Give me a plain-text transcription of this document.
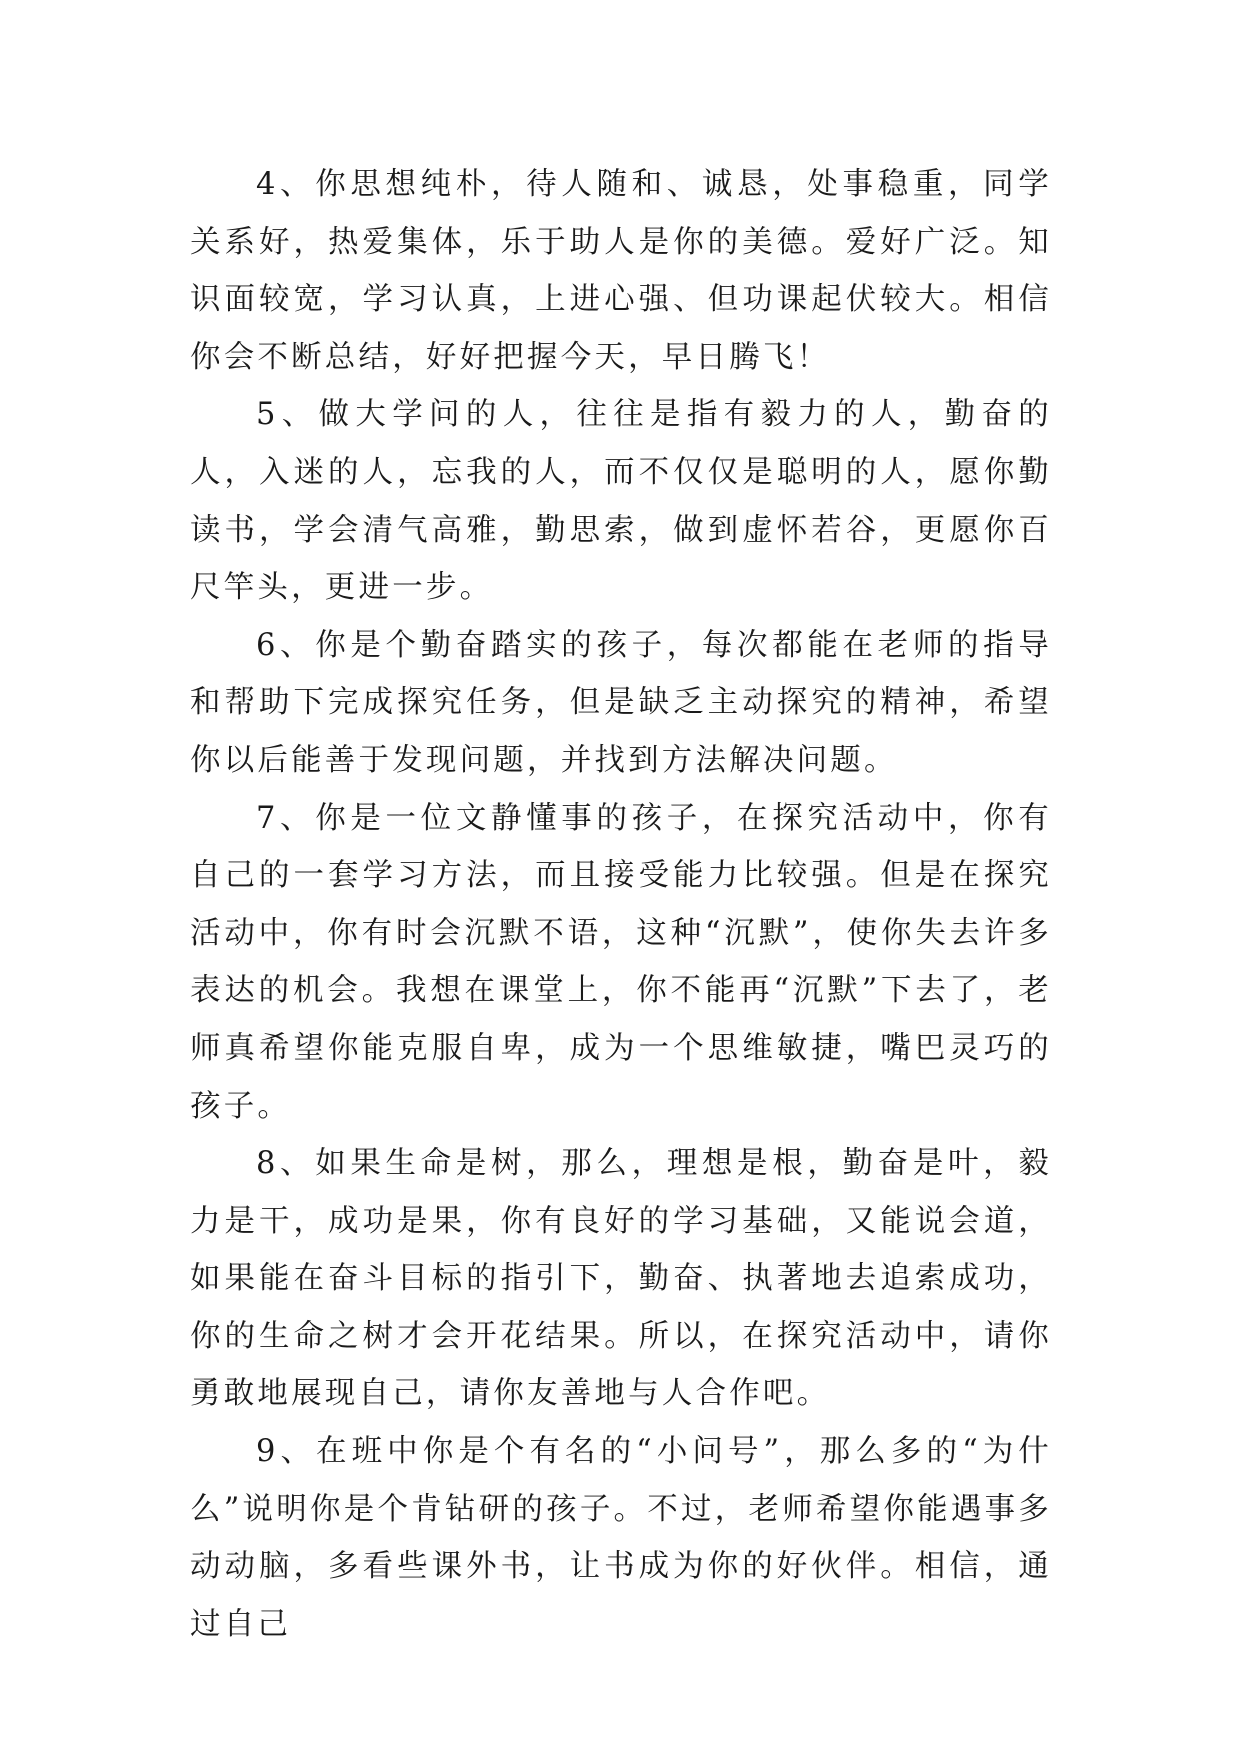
4、你思想纯朴，待人随和、诚恳，处事稳重，同学关系好，热爱集体，乐于助人是你的美德。爱好广泛。知识面较宽，学习认真，上进心强、但功课起伏较大。相信你会不断总结，好好把握今天，早日腾飞！

5、做大学问的人，往往是指有毅力的人，勤奋的人，入迷的人，忘我的人，而不仅仅是聪明的人，愿你勤读书，学会清气高雅，勤思索，做到虚怀若谷，更愿你百尺竿头，更进一步。

6、你是个勤奋踏实的孩子，每次都能在老师的指导和帮助下完成探究任务，但是缺乏主动探究的精神，希望你以后能善于发现问题，并找到方法解决问题。

7、你是一位文静懂事的孩子，在探究活动中，你有自己的一套学习方法，而且接受能力比较强。但是在探究活动中，你有时会沉默不语，这种“沉默”，使你失去许多表达的机会。我想在课堂上，你不能再“沉默”下去了，老师真希望你能克服自卑，成为一个思维敏捷，嘴巴灵巧的孩子。

8、如果生命是树，那么，理想是根，勤奋是叶，毅力是干，成功是果，你有良好的学习基础，又能说会道，如果能在奋斗目标的指引下，勤奋、执著地去追索成功，你的生命之树才会开花结果。所以，在探究活动中，请你勇敢地展现自己，请你友善地与人合作吧。

9、在班中你是个有名的“小问号”，那么多的“为什么”说明你是个肯钻研的孩子。不过，老师希望你能遇事多动动脑，多看些课外书，让书成为你的好伙伴。相信，通过自己
